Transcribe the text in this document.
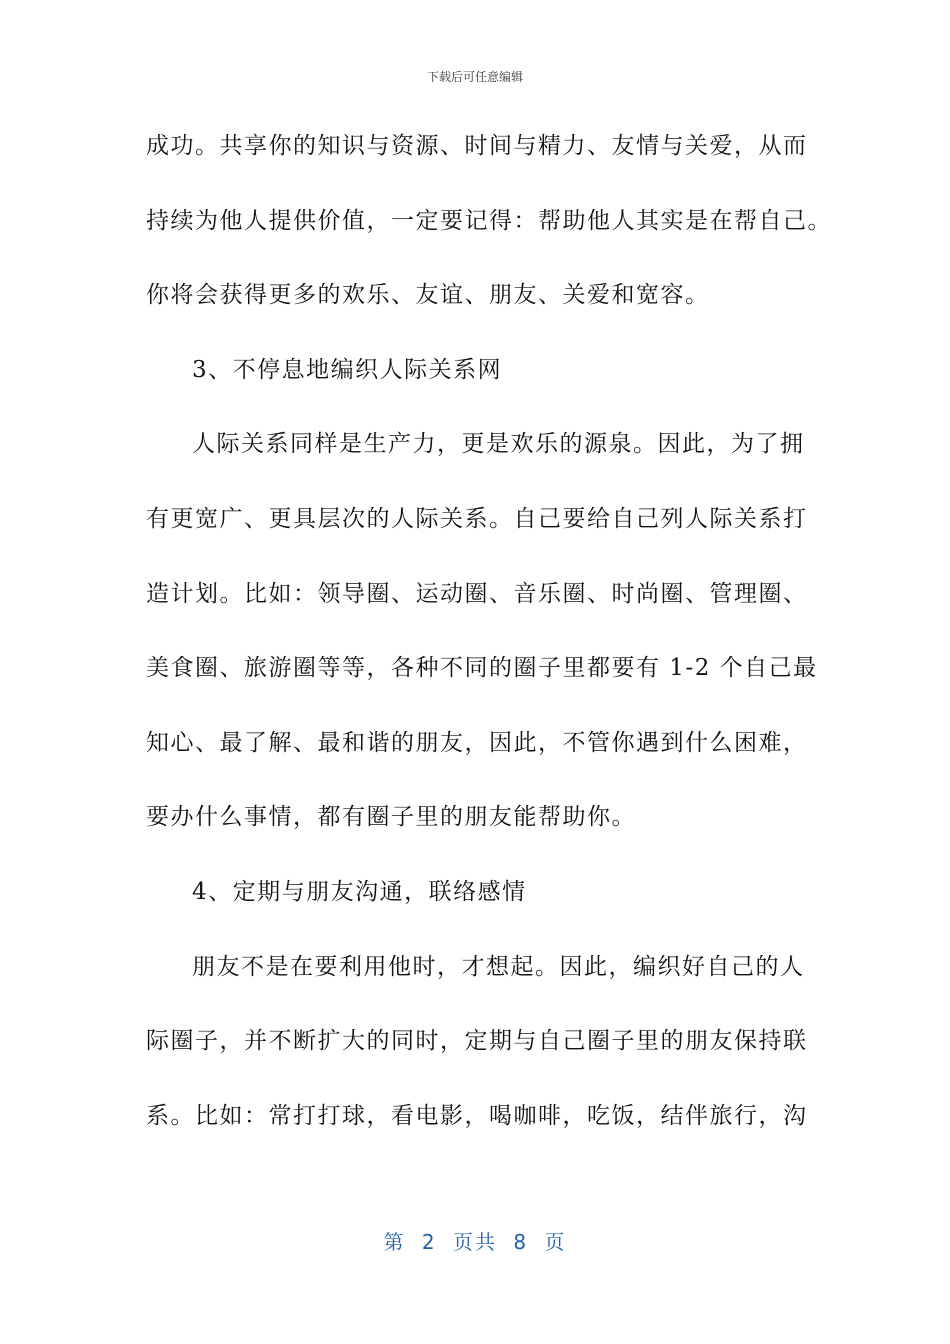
下载后可任意编辑
成功。共享你的知识与资源、时间与精力、友情与关爱，从而
持续为他人提供价值，一定要记得：帮助他人其实是在帮自己。
你将会获得更多的欢乐、友谊、朋友、关爱和宽容。
3、不停息地编织人际关系网
人际关系同样是生产力，更是欢乐的源泉。因此，为了拥
有更宽广、更具层次的人际关系。自己要给自己列人际关系打
造计划。比如：领导圈、运动圈、音乐圈、时尚圈、管理圈、
美食圈、旅游圈等等，各种不同的圈子里都要有 1-2 个自己最
知心、最了解、最和谐的朋友，因此，不管你遇到什么困难，
要办什么事情，都有圈子里的朋友能帮助你。
4、定期与朋友沟通，联络感情
朋友不是在要利用他时，才想起。因此，编织好自己的人
际圈子，并不断扩大的同时，定期与自己圈子里的朋友保持联
系。比如：常打打球，看电影，喝咖啡，吃饭，结伴旅行，沟
第 2 页共 8 页
